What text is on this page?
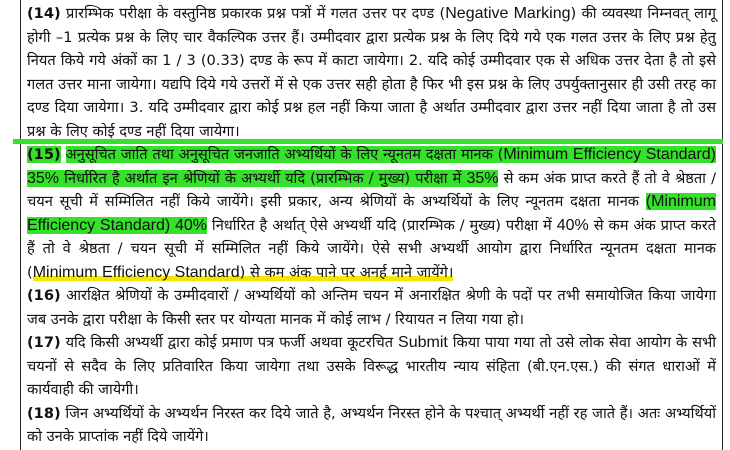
(14) प्रारम्भिक परीक्षा के वस्तुनिष्ठ प्रकारक प्रश्न पत्रों में गलत उत्तर पर दण्ड (Negative Marking) की व्यवस्था निम्नवत् लागू होगी –1 प्रत्येक प्रश्न के लिए चार वैकल्पिक उत्तर हैं। उम्मीदवार द्वारा प्रत्येक प्रश्न के लिए दिये गये एक गलत उत्तर के लिए प्रश्न हेतु नियत किये गये अंकों का 1 / 3 (0.33) दण्ड के रूप में काटा जायेगा। 2. यदि कोई उम्मीदवार एक से अधिक उत्तर देता है तो इसे गलत उत्तर माना जायेगा। यद्यपि दिये गये उत्तरों में से एक उत्तर सही होता है फिर भी इस प्रश्न के लिए उपर्युक्तानुसार ही उसी तरह का दण्ड दिया जायेगा। 3. यदि उम्मीदवार द्वारा कोई प्रश्न हल नहीं किया जाता है अर्थात उम्मीदवार द्वारा उत्तर नहीं दिया जाता है तो उस प्रश्न के लिए कोई दण्ड नहीं दिया जायेगा।
(15) अनुसूचित जाति तथा अनुसूचित जनजाति अभ्यर्थियों के लिए न्यूनतम दक्षता मानक (Minimum Efficiency Standard) 35% निर्धारित है अर्थात इन श्रेणियों के अभ्यर्थी यदि (प्रारम्भिक / मुख्य) परीक्षा में 35% से कम अंक प्राप्त करते हैं तो वे श्रेष्ठता / चयन सूची में सम्मिलित नहीं किये जायेंगे। इसी प्रकार, अन्य श्रेणियों के अभ्यर्थियों के लिए न्यूनतम दक्षता मानक (Minimum Efficiency Standard) 40% निर्धारित है अर्थात् ऐसे अभ्यर्थी यदि (प्रारम्भिक / मुख्य) परीक्षा में 40% से कम अंक प्राप्त करते हैं तो वे श्रेष्ठता / चयन सूची में सम्मिलित नहीं किये जायेंगे। ऐसे सभी अभ्यर्थी आयोग द्वारा निर्धारित न्यूनतम दक्षता मानक (Minimum Efficiency Standard) से कम अंक पाने पर अनर्ह माने जायेंगे।
(16) आरक्षित श्रेणियों के उम्मीदवारों / अभ्यर्थियों को अन्तिम चयन में अनारक्षित श्रेणी के पदों पर तभी समायोजित किया जायेगा जब उनके द्वारा परीक्षा के किसी स्तर पर योग्यता मानक में कोई लाभ / रियायत न लिया गया हो।
(17) यदि किसी अभ्यर्थी द्वारा कोई प्रमाण पत्र फर्जी अथवा कूटरचित Submit किया पाया गया तो उसे लोक सेवा आयोग के सभी चयनों से सदैव के लिए प्रतिवारित किया जायेगा तथा उसके विरूद्ध भारतीय न्याय संहिता (बी.एन.एस.) की संगत धाराओं में कार्यवाही की जायेगी।
(18) जिन अभ्यर्थियों के अभ्यर्थन निरस्त कर दिये जाते है, अभ्यर्थन निरस्त होने के पश्चात् अभ्यर्थी नहीं रह जाते हैं। अतः अभ्यर्थियों को उनके प्राप्तांक नहीं दिये जायेंगे।
